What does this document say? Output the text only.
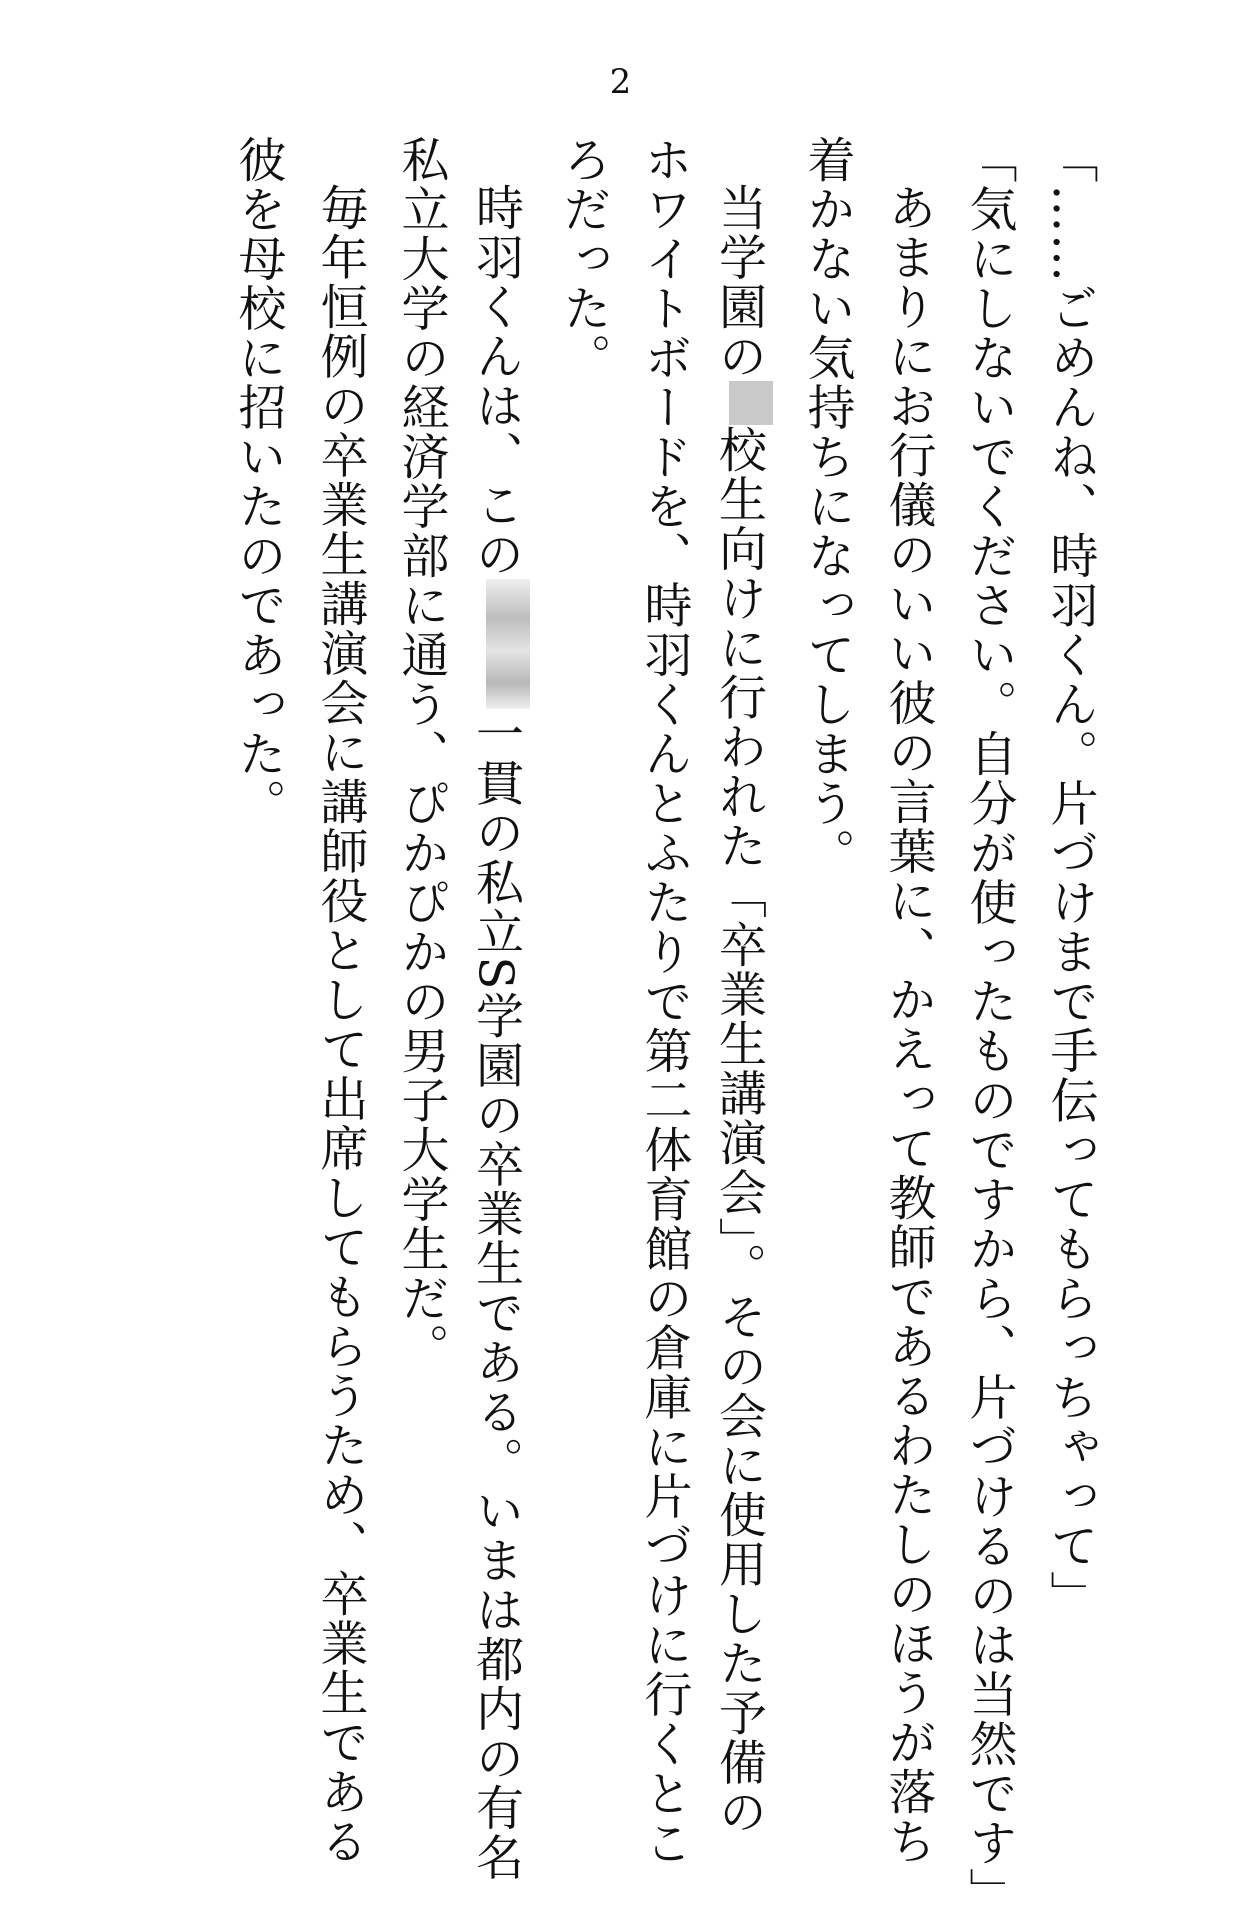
2
「……ごめんね、時羽くん。片づけまで手伝ってもらっちゃって」
「気にしないでください。自分が使ったものですから、片づけるのは当然です」
あまりにお行儀のいい彼の言葉に、かえって教師であるわたしのほうが落ち
着かない気持ちになってしまう。
当学園の校生向けに行われた「卒業生講演会」。その会に使用した予備の
ホワイトボードを、時羽くんとふたりで第二体育館の倉庫に片づけに行くとこ
ろだった。
時羽くんは、この一貫の私立S学園の卒業生である。いまは都内の有名
私立大学の経済学部に通う、ぴかぴかの男子大学生だ。
毎年恒例の卒業生講演会に講師役として出席してもらうため、卒業生である
彼を母校に招いたのであった。
